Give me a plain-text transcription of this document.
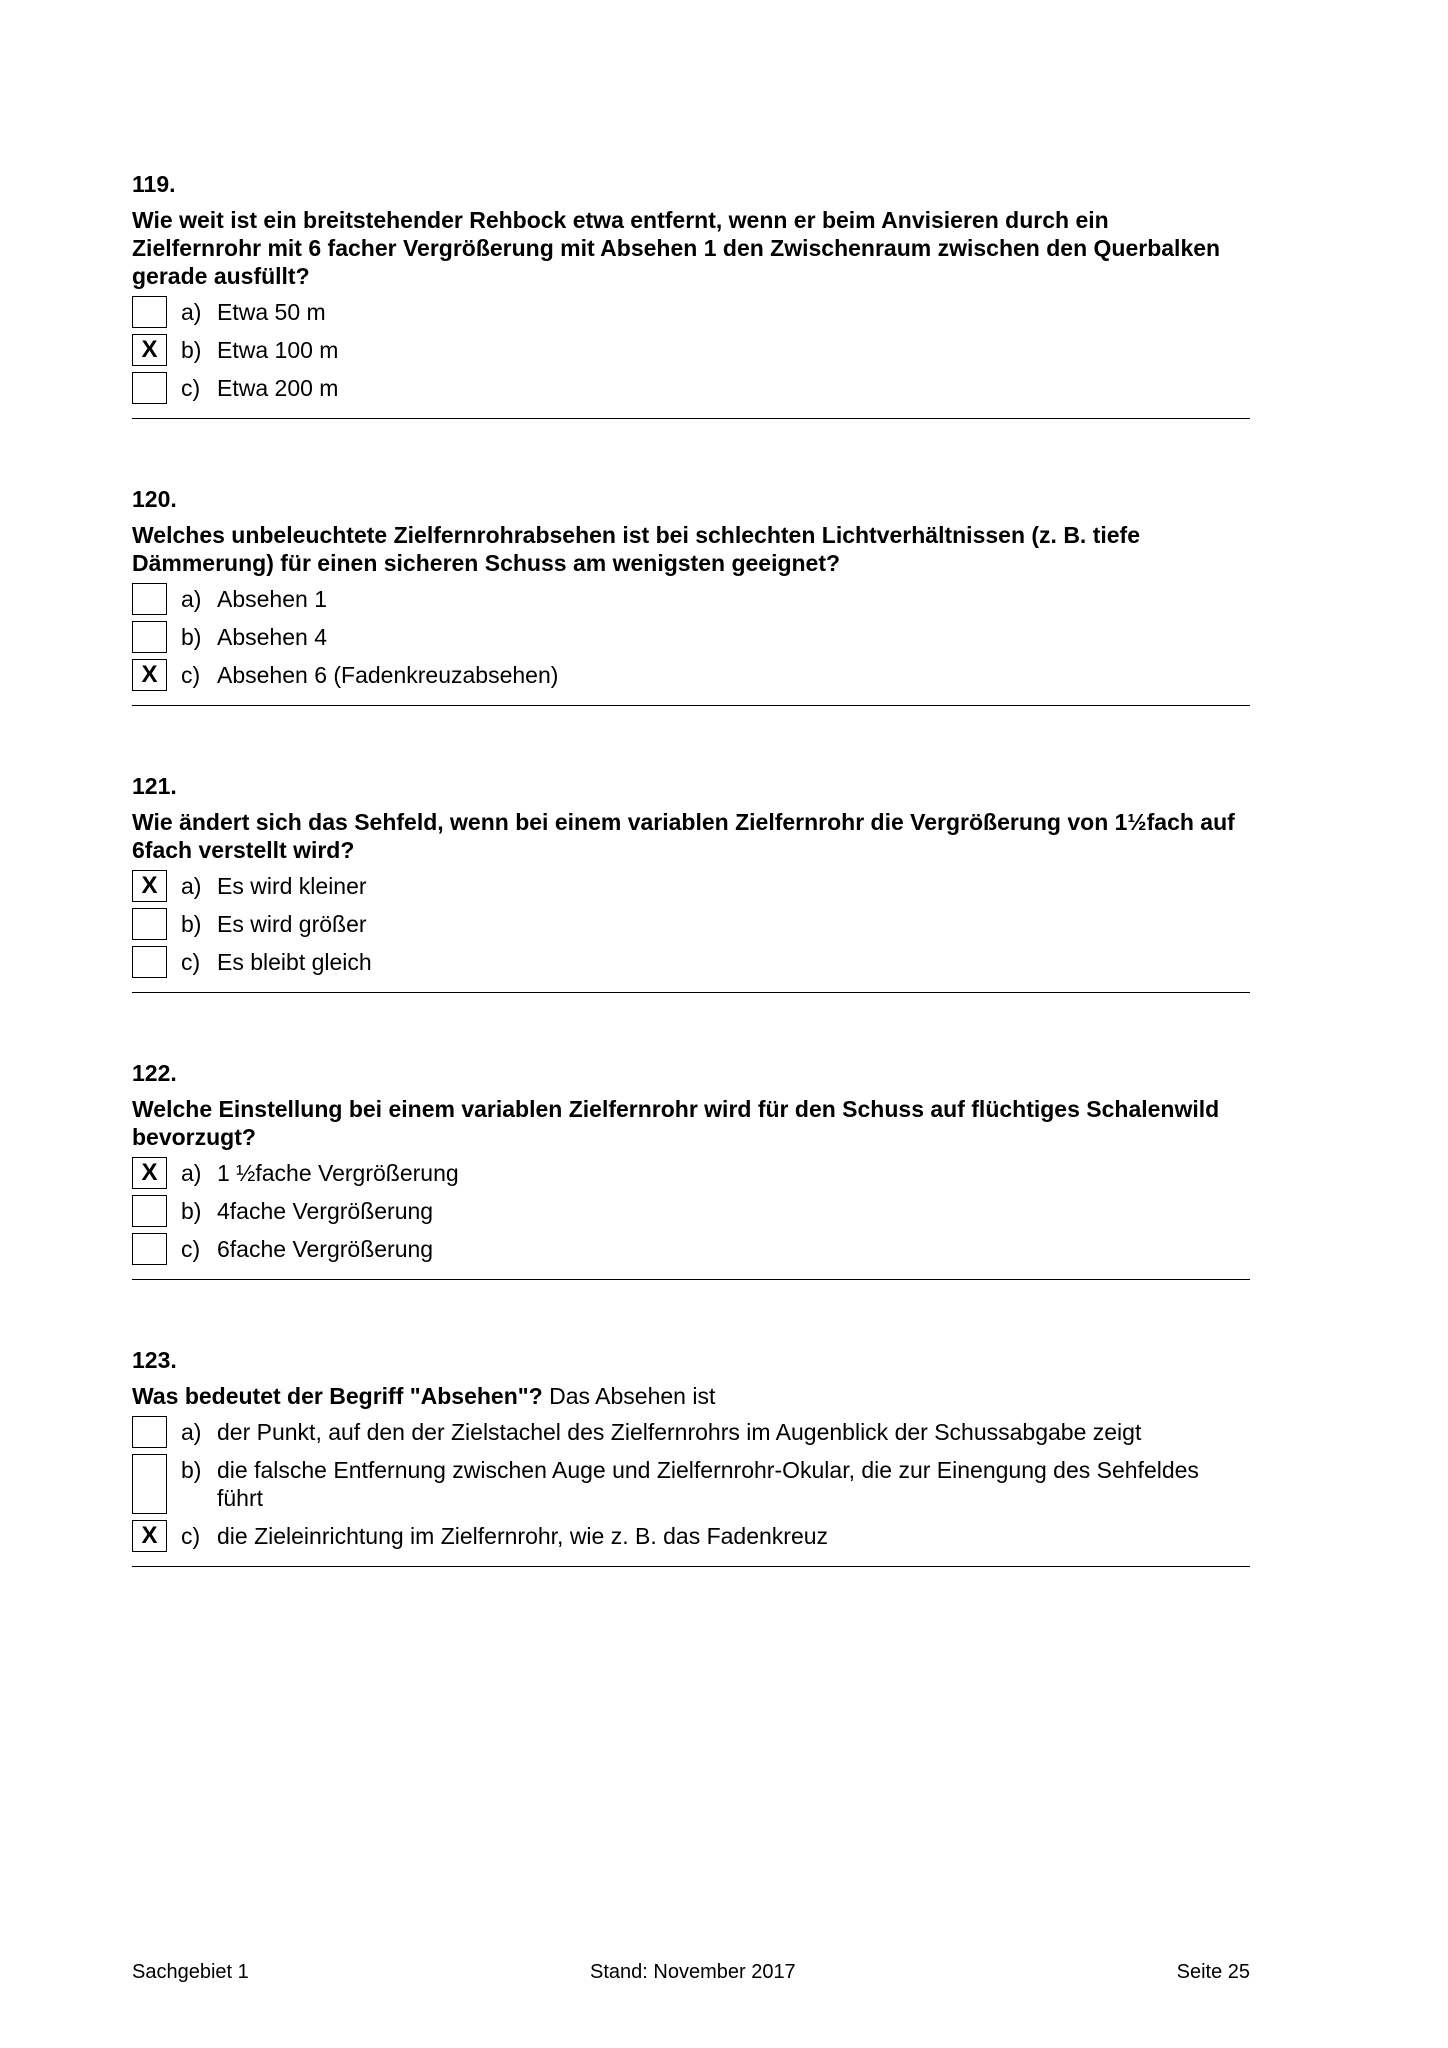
119.
Wie weit ist ein breitstehender Rehbock etwa entfernt, wenn er beim Anvisieren durch ein Zielfernrohr mit 6 facher Vergrößerung mit Absehen 1 den Zwischenraum zwischen den Querbalken gerade ausfüllt?
a) Etwa 50 m
X	b) Etwa 100 m
c) Etwa 200 m
120.
Welches unbeleuchtete Zielfernrohrabsehen ist bei schlechten Lichtverhältnissen (z. B. tiefe Dämmerung) für einen sicheren Schuss am wenigsten geeignet?
a) Absehen 1
b) Absehen 4
X	c) Absehen 6 (Fadenkreuzabsehen)
121.
Wie ändert sich das Sehfeld, wenn bei einem variablen Zielfernrohr die Vergrößerung von 1½fach auf 6fach verstellt wird?
X	a) Es wird kleiner
b) Es wird größer
c) Es bleibt gleich
122.
Welche Einstellung bei einem variablen Zielfernrohr wird für den Schuss auf flüchtiges Schalenwild bevorzugt?
X	a) 1 ½fache Vergrößerung
b) 4fache Vergrößerung
c) 6fache Vergrößerung
123.
Was bedeutet der Begriff "Absehen"? Das Absehen ist
a) der Punkt, auf den der Zielstachel des Zielfernrohrs im Augenblick der Schussabgabe zeigt
b) die falsche Entfernung zwischen Auge und Zielfernrohr-Okular, die zur Einengung des Sehfeldes führt
X	c) die Zieleinrichtung im Zielfernrohr, wie z. B. das Fadenkreuz
Sachgebiet 1	Stand: November 2017	Seite 25
